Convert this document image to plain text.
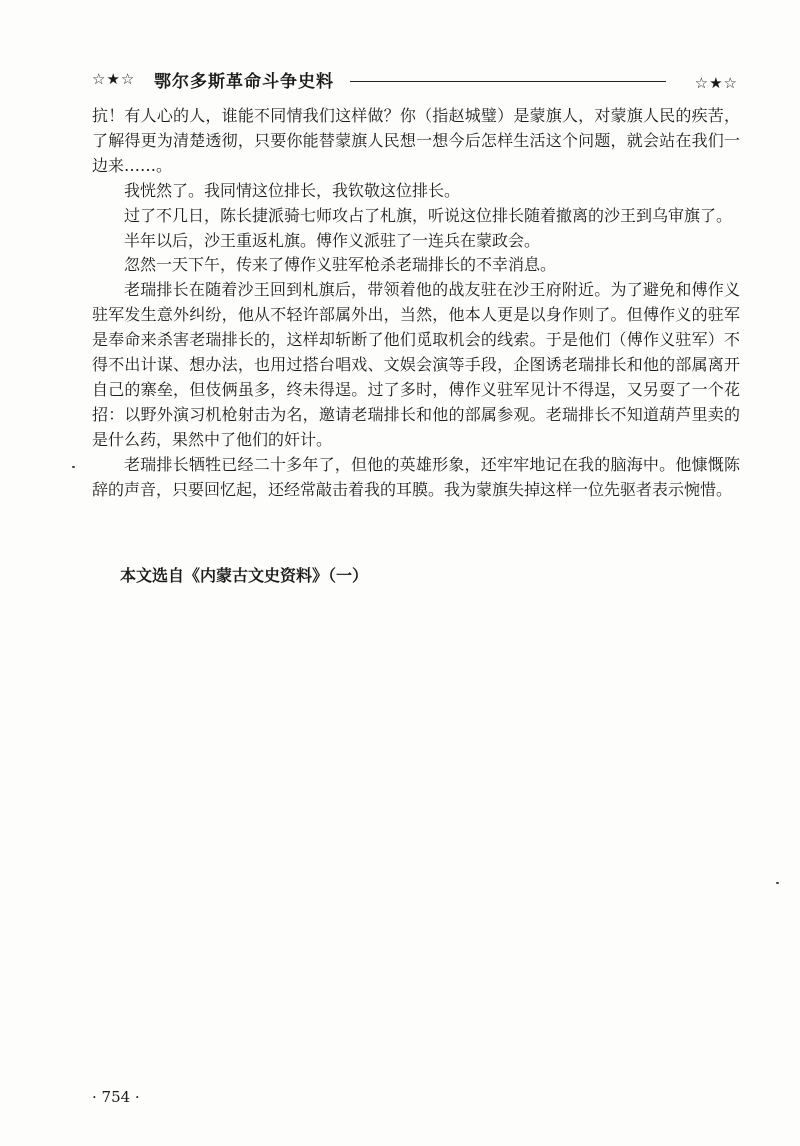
☆★☆ 鄂尔多斯革命斗争史料	☆★☆

抗！有人心的人，谁能不同情我们这样做？你（指赵城璧）是蒙旗人，对蒙旗人民的疾苦，了解得更为清楚透彻，只要你能替蒙旗人民想一想今后怎样生活这个问题，就会站在我们一边来……。

我恍然了。我同情这位排长，我钦敬这位排长。

过了不几日，陈长捷派骑七师攻占了札旗，听说这位排长随着撤离的沙王到乌审旗了。

半年以后，沙王重返札旗。傅作义派驻了一连兵在蒙政会。

忽然一天下午，传来了傅作义驻军枪杀老瑞排长的不幸消息。

老瑞排长在随着沙王回到札旗后，带领着他的战友驻在沙王府附近。为了避免和傅作义驻军发生意外纠纷，他从不轻许部属外出，当然，他本人更是以身作则了。但傅作义的驻军是奉命来杀害老瑞排长的，这样却斩断了他们觅取机会的线索。于是他们（傅作义驻军）不得不出计谋、想办法，也用过搭台唱戏、文娱会演等手段，企图诱老瑞排长和他的部属离开自己的寨垒，但伎俩虽多，终未得逞。过了多时，傅作义驻军见计不得逞，又另耍了一个花招：以野外演习机枪射击为名，邀请老瑞排长和他的部属参观。老瑞排长不知道葫芦里卖的是什么药，果然中了他们的奸计。

老瑞排长牺牲已经二十多年了，但他的英雄形象，还牢牢地记在我的脑海中。他慷慨陈辞的声音，只要回忆起，还经常敲击着我的耳膜。我为蒙旗失掉这样一位先驱者表示惋惜。

本文选自《内蒙古文史资料》（一）
· 754 ·
